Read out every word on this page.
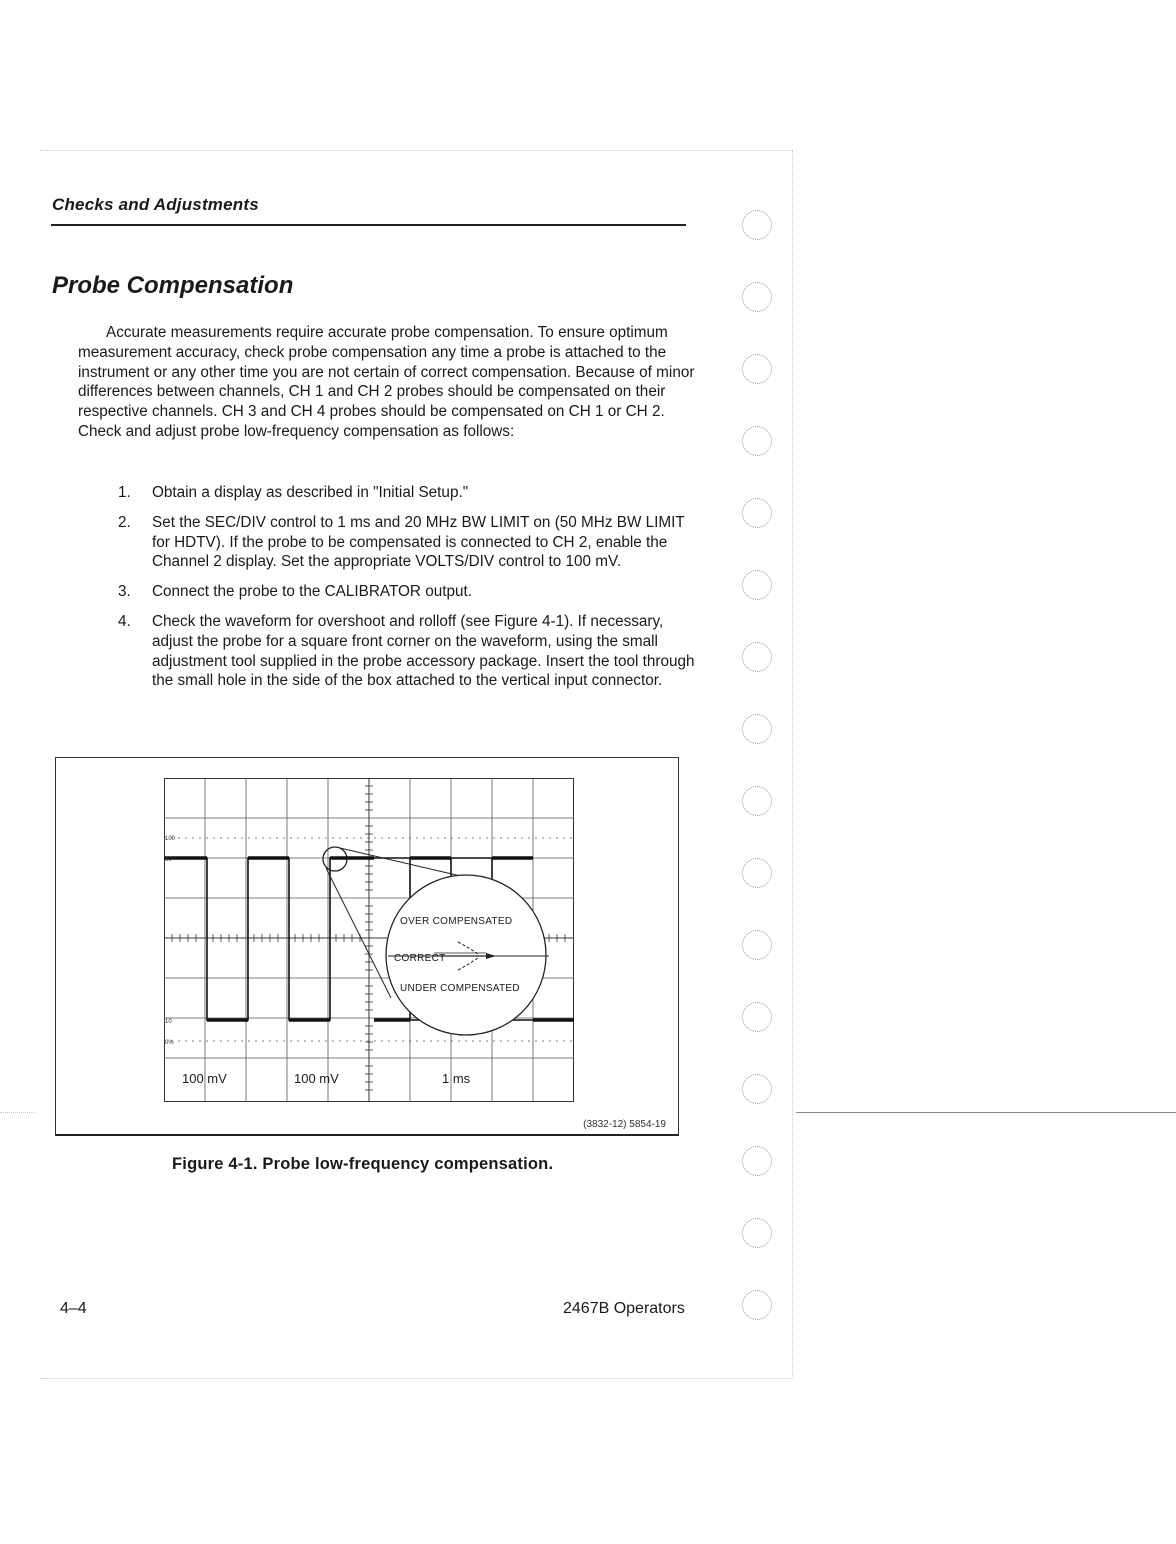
Checks and Adjustments
Probe Compensation

Accurate measurements require accurate probe compensation. To ensure optimum measurement accuracy, check probe compensation any time a probe is attached to the instrument or any other time you are not certain of correct compensation. Because of minor differences between channels, CH 1 and CH 2 probes should be compensated on their respective channels. CH 3 and CH 4 probes should be compensated on CH 1 or CH 2. Check and adjust probe low-frequency compensation as follows:

1.	Obtain a display as described in "Initial Setup."
2.	Set the SEC/DIV control to 1 ms and 20 MHz BW LIMIT on (50 MHz BW LIMIT for HDTV). If the probe to be compensated is connected to CH 2, enable the Channel 2 display. Set the appropriate VOLTS/DIV control to 100 mV.
3.	Connect the probe to the CALIBRATOR output.
4.	Check the waveform for overshoot and rolloff (see Figure 4-1). If necessary, adjust the probe for a square front corner on the waveform, using the small adjustment tool supplied in the probe accessory package. Insert the tool through the small hole in the side of the box attached to the vertical input connector.
OVER COMPENSATED
CORRECT
UNDER COMPENSATED
100
90
10
0%
100 mV	100 mV	1 ms
(3832-12) 5854-19
Figure 4-1. Probe low-frequency compensation.
4–4	2467B Operators
